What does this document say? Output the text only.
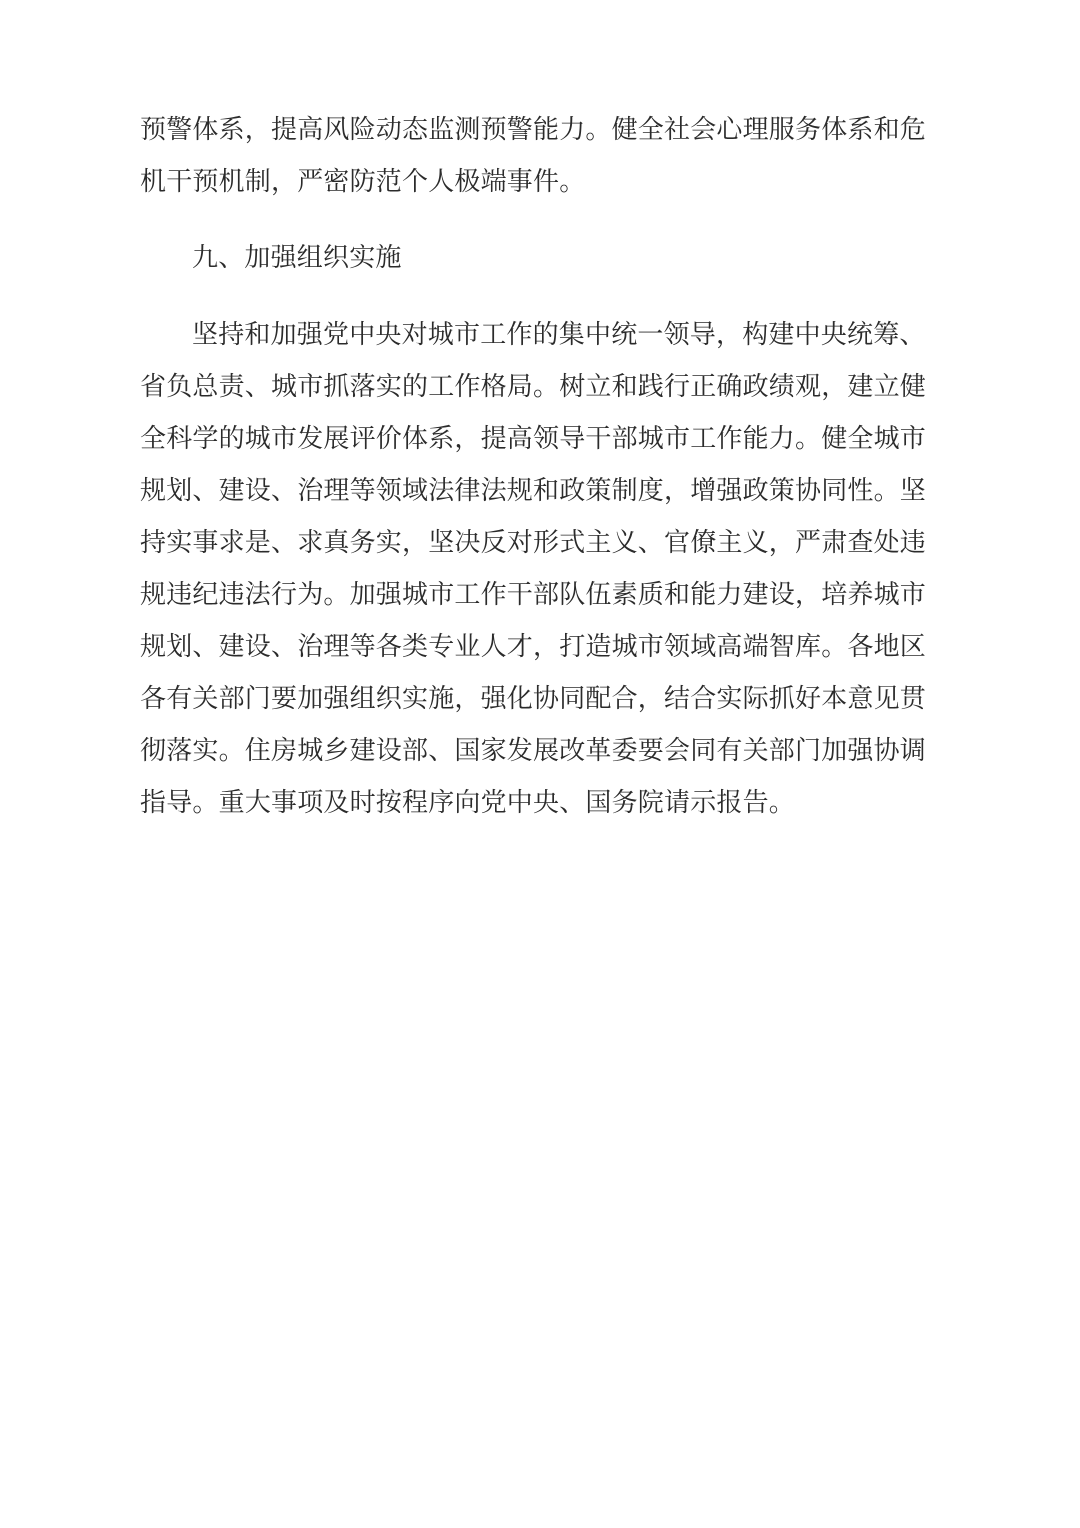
预警体系，提高风险动态监测预警能力。健全社会心理服务体系和危
机干预机制，严密防范个人极端事件。
九、加强组织实施
坚持和加强党中央对城市工作的集中统一领导，构建中央统筹、
省负总责、城市抓落实的工作格局。树立和践行正确政绩观，建立健
全科学的城市发展评价体系，提高领导干部城市工作能力。健全城市
规划、建设、治理等领域法律法规和政策制度，增强政策协同性。坚
持实事求是、求真务实，坚决反对形式主义、官僚主义，严肃查处违
规违纪违法行为。加强城市工作干部队伍素质和能力建设，培养城市
规划、建设、治理等各类专业人才，打造城市领域高端智库。各地区
各有关部门要加强组织实施，强化协同配合，结合实际抓好本意见贯
彻落实。住房城乡建设部、国家发展改革委要会同有关部门加强协调
指导。重大事项及时按程序向党中央、国务院请示报告。
